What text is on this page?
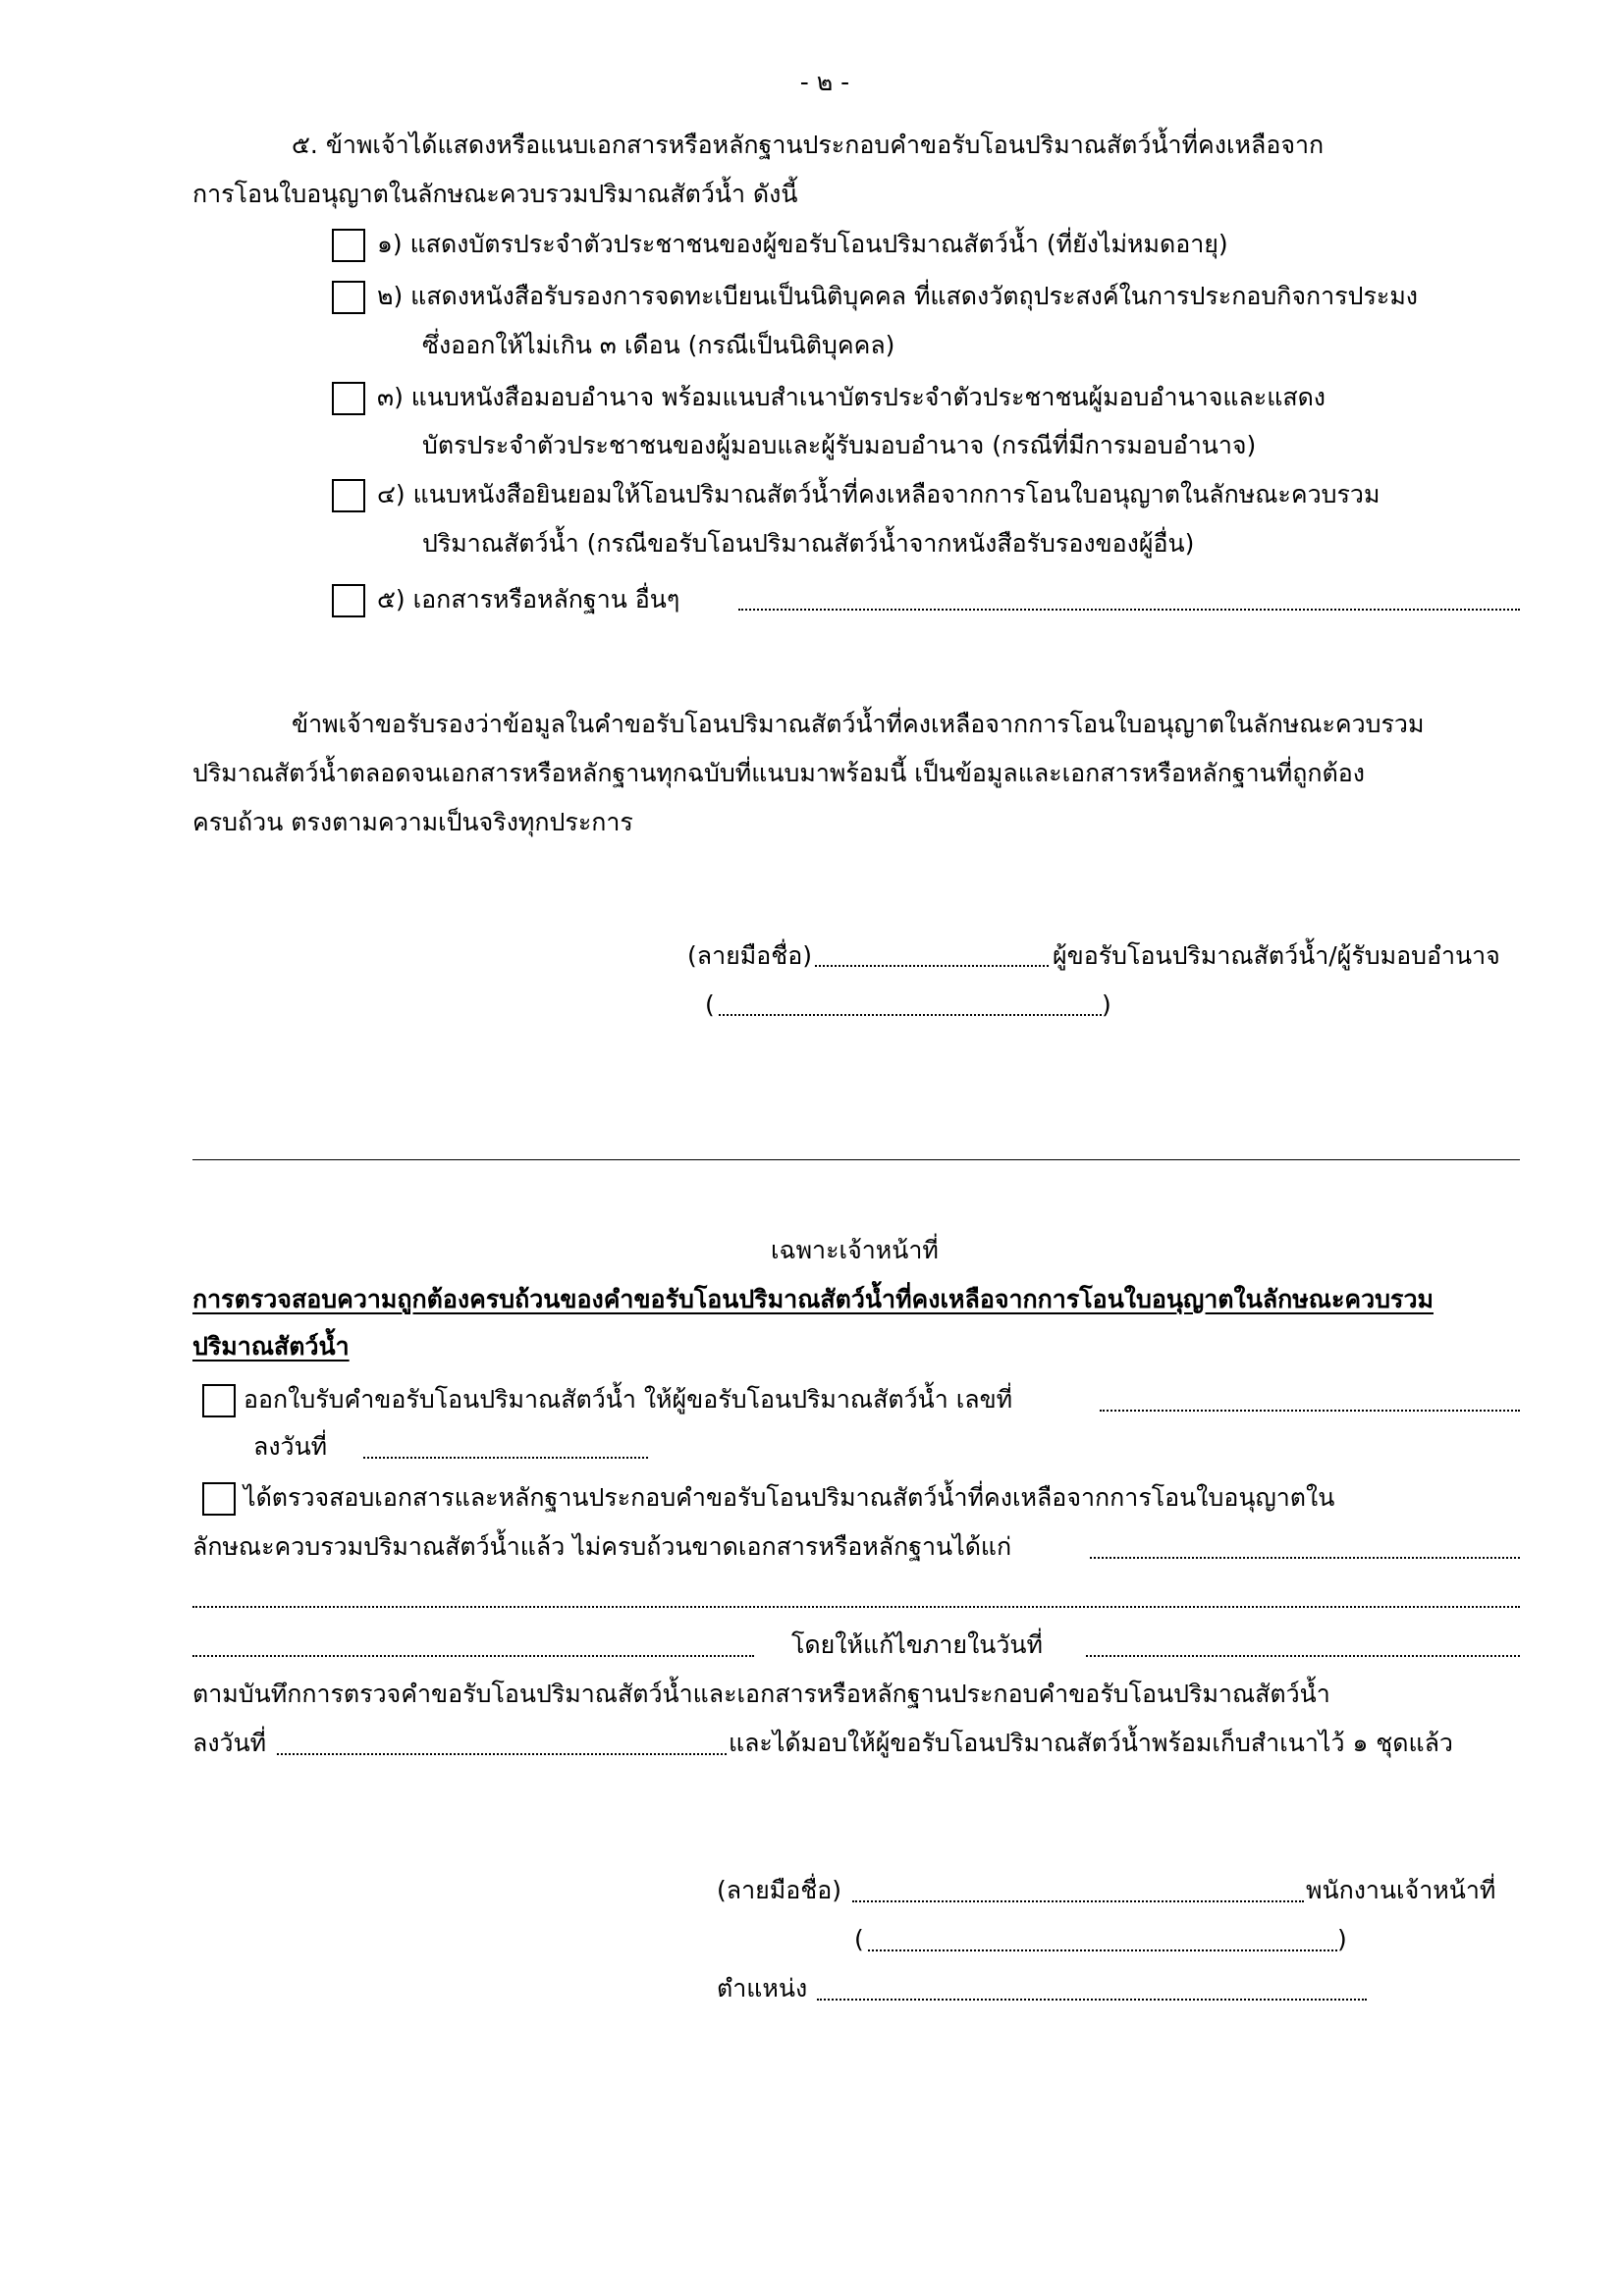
- ๒ -
๕. ข้าพเจ้าได้แสดงหรือแนบเอกสารหรือหลักฐานประกอบคำขอรับโอนปริมาณสัตว์น้ำที่คงเหลือจาก
การโอนใบอนุญาตในลักษณะควบรวมปริมาณสัตว์น้ำ ดังนี้
๑) แสดงบัตรประจำตัวประชาชนของผู้ขอรับโอนปริมาณสัตว์น้ำ (ที่ยังไม่หมดอายุ)
๒) แสดงหนังสือรับรองการจดทะเบียนเป็นนิติบุคคล ที่แสดงวัตถุประสงค์ในการประกอบกิจการประมง
ซึ่งออกให้ไม่เกิน ๓ เดือน (กรณีเป็นนิติบุคคล)
๓) แนบหนังสือมอบอำนาจ พร้อมแนบสำเนาบัตรประจำตัวประชาชนผู้มอบอำนาจและแสดง
บัตรประจำตัวประชาชนของผู้มอบและผู้รับมอบอำนาจ (กรณีที่มีการมอบอำนาจ)
๔) แนบหนังสือยินยอมให้โอนปริมาณสัตว์น้ำที่คงเหลือจากการโอนใบอนุญาตในลักษณะควบรวม
ปริมาณสัตว์น้ำ (กรณีขอรับโอนปริมาณสัตว์น้ำจากหนังสือรับรองของผู้อื่น)
๕) เอกสารหรือหลักฐาน อื่นๆ
ข้าพเจ้าขอรับรองว่าข้อมูลในคำขอรับโอนปริมาณสัตว์น้ำที่คงเหลือจากการโอนใบอนุญาตในลักษณะควบรวม
ปริมาณสัตว์น้ำตลอดจนเอกสารหรือหลักฐานทุกฉบับที่แนบมาพร้อมนี้ เป็นข้อมูลและเอกสารหรือหลักฐานที่ถูกต้อง
ครบถ้วน ตรงตามความเป็นจริงทุกประการ
(ลายมือชื่อ)	ผู้ขอรับโอนปริมาณสัตว์น้ำ/ผู้รับมอบอำนาจ
(	)
เฉพาะเจ้าหน้าที่
การตรวจสอบความถูกต้องครบถ้วนของคำขอรับโอนปริมาณสัตว์น้ำที่คงเหลือจากการโอนใบอนุญาตในลักษณะควบรวม
ปริมาณสัตว์น้ำ
ออกใบรับคำขอรับโอนปริมาณสัตว์น้ำ ให้ผู้ขอรับโอนปริมาณสัตว์น้ำ เลขที่
ลงวันที่
ได้ตรวจสอบเอกสารและหลักฐานประกอบคำขอรับโอนปริมาณสัตว์น้ำที่คงเหลือจากการโอนใบอนุญาตใน
ลักษณะควบรวมปริมาณสัตว์น้ำแล้ว ไม่ครบถ้วนขาดเอกสารหรือหลักฐานได้แก่
โดยให้แก้ไขภายในวันที่
ตามบันทึกการตรวจคำขอรับโอนปริมาณสัตว์น้ำและเอกสารหรือหลักฐานประกอบคำขอรับโอนปริมาณสัตว์น้ำ
ลงวันที่	และได้มอบให้ผู้ขอรับโอนปริมาณสัตว์น้ำพร้อมเก็บสำเนาไว้ ๑ ชุดแล้ว
(ลายมือชื่อ)	พนักงานเจ้าหน้าที่
(	)
ตำแหน่ง
